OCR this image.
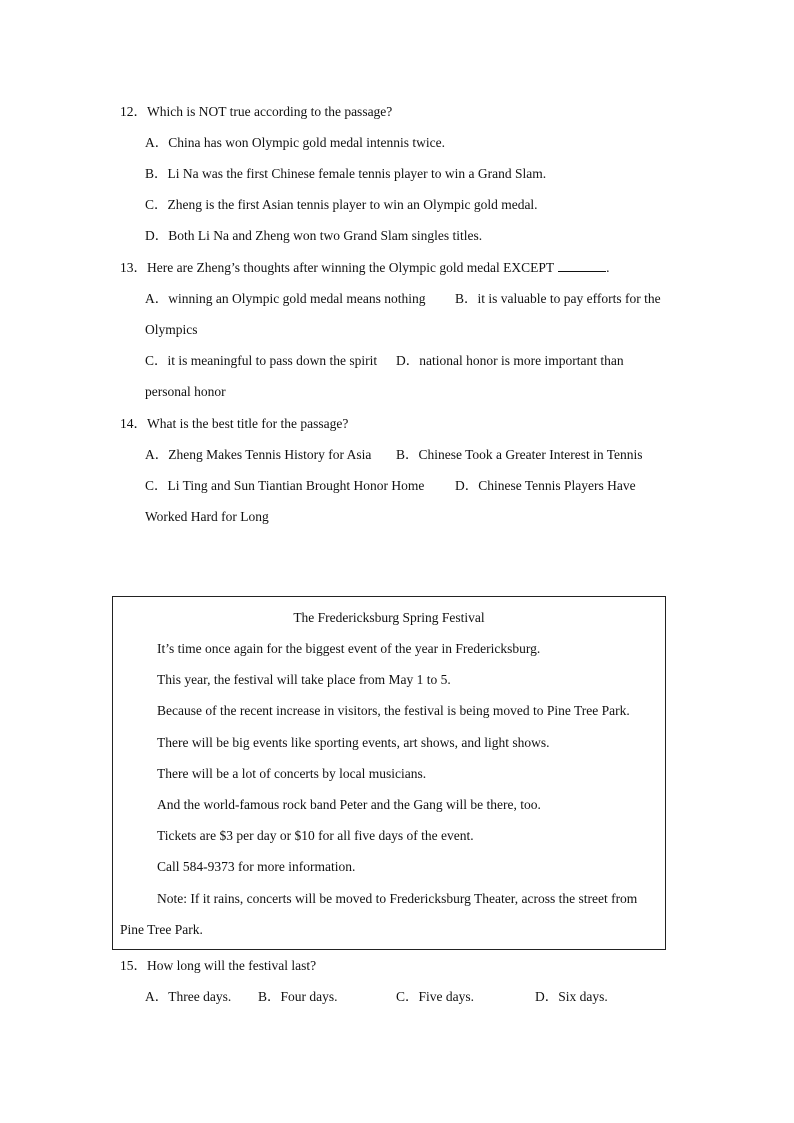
12．Which is NOT true according to the passage?
A．China has won Olympic gold medal intennis twice.
B．Li Na was the first Chinese female tennis player to win a Grand Slam.
C．Zheng is the first Asian tennis player to win an Olympic gold medal.
D．Both Li Na and Zheng won two Grand Slam singles titles.
13．Here are Zheng’s thoughts after winning the Olympic gold medal EXCEPT	.
A．winning an Olympic gold medal means nothing B．it is valuable to pay efforts for the
Olympics
C．it is meaningful to pass down the spirit D．national honor is more important than
personal honor
14．What is the best title for the passage?
A．Zheng Makes Tennis History for Asia B．Chinese Took a Greater Interest in Tennis
C．Li Ting and Sun Tiantian Brought Honor Home D．Chinese Tennis Players Have
Worked Hard for Long
The Fredericksburg Spring Festival
It’s time once again for the biggest event of the year in Fredericksburg.
This year, the festival will take place from May 1 to 5.
Because of the recent increase in visitors, the festival is being moved to Pine Tree Park.
There will be big events like sporting events, art shows, and light shows.
There will be a lot of concerts by local musicians.
And the world-famous rock band Peter and the Gang will be there, too.
Tickets are $3 per day or $10 for all five days of the event.
Call 584-9373 for more information.
Note: If it rains, concerts will be moved to Fredericksburg Theater, across the street from
Pine Tree Park.
15．How long will the festival last?
A．Three days. B．Four days.	C．Five days.	D．Six days.
